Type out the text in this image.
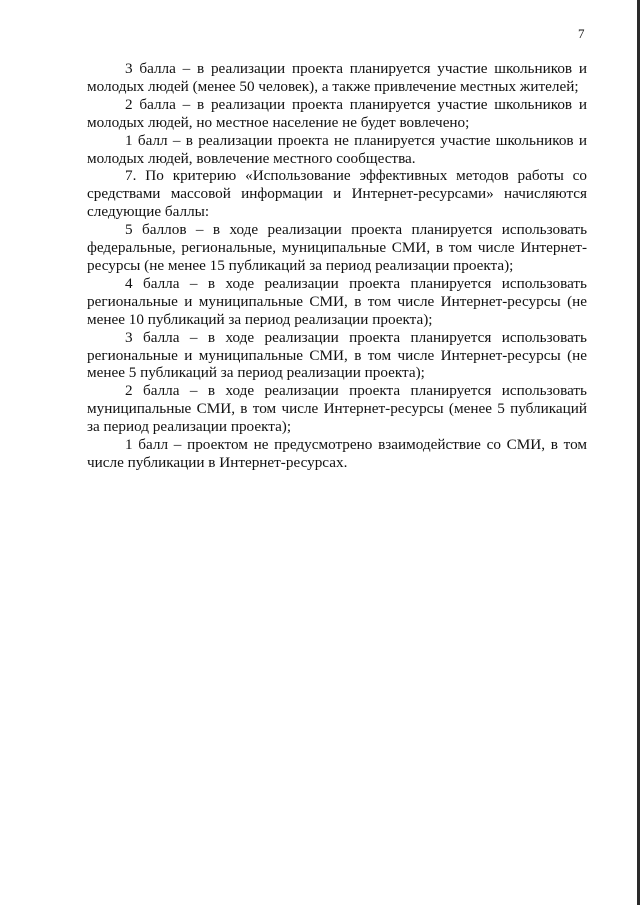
7

3 балла – в реализации проекта планируется участие школьников и молодых людей (менее 50 человек), а также привлечение местных жителей;

2 балла – в реализации проекта планируется участие школьников и молодых людей, но местное население не будет вовлечено;

1 балл – в реализации проекта не планируется участие школьников и молодых людей, вовлечение местного сообщества.

7. По критерию «Использование эффективных методов работы со средствами массовой информации и Интернет-ресурсами» начисляются следующие баллы:

5 баллов – в ходе реализации проекта планируется использовать федеральные, региональные, муниципальные СМИ, в том числе Интернет-ресурсы (не менее 15 публикаций за период реализации проекта);

4 балла – в ходе реализации проекта планируется использовать региональные и муниципальные СМИ, в том числе Интернет-ресурсы (не менее 10 публикаций за период реализации проекта);

3 балла – в ходе реализации проекта планируется использовать региональные и муниципальные СМИ, в том числе Интернет-ресурсы (не менее 5 публикаций за период реализации проекта);

2 балла – в ходе реализации проекта планируется использовать муниципальные СМИ, в том числе Интернет-ресурсы (менее 5 публикаций за период реализации проекта);

1 балл – проектом не предусмотрено взаимодействие со СМИ, в том числе публикации в Интернет-ресурсах.
